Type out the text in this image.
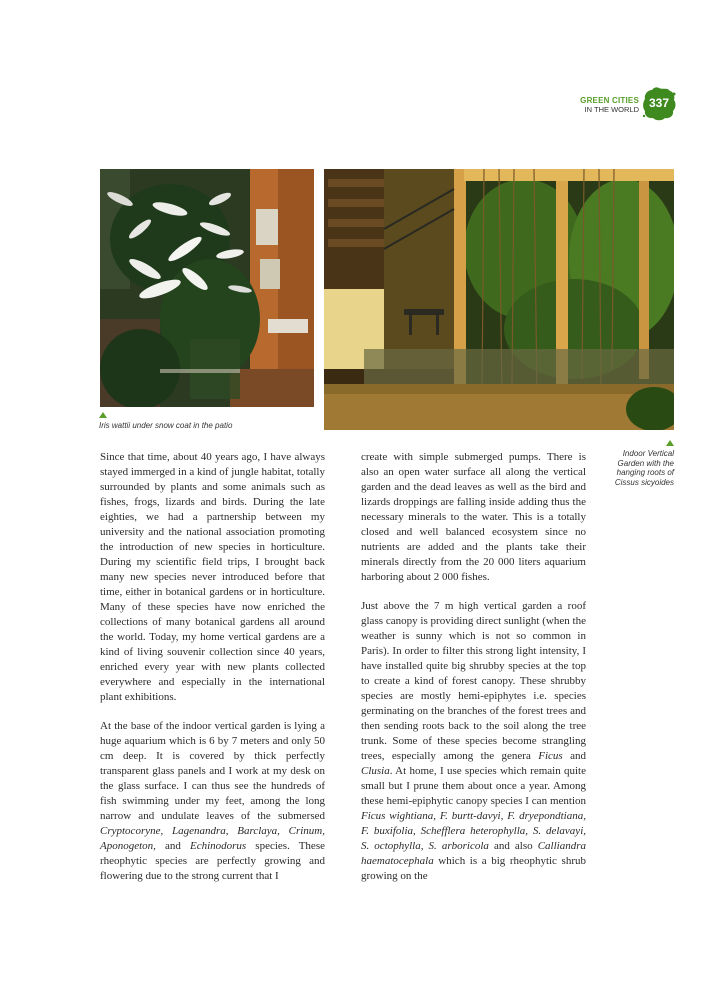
GREEN CITIES
IN THE WORLD 337
Iris wattii under snow coat in the patio
Indoor Vertical
Garden with the
hanging roots of
Cissus sicyoides

Since that time, about 40 years ago, I have always stayed immerged in a kind of jungle habitat, totally surrounded by plants and some animals such as fishes, frogs, lizards and birds. During the late eighties, we had a partnership between my university and the national association promoting the introduction of new species in horticulture. During my scientific field trips, I brought back many new species never introduced before that time, either in botanical gardens or in horticulture. Many of these species have now enriched the collections of many botanical gardens all around the world. Today, my home vertical gardens are a kind of living souvenir collection since 40 years, enriched every year with new plants collected everywhere and especially in the international plant exhibitions.

At the base of the indoor vertical garden is lying a huge aquarium which is 6 by 7 meters and only 50 cm deep. It is covered by thick perfectly transparent glass panels and I work at my desk on the glass surface. I can thus see the hundreds of fish swimming under my feet, among the long narrow and undulate leaves of the submersed Cryptocoryne, Lagenandra, Barclaya, Crinum, Aponogeton, and Echinodorus species. These rheophytic species are perfectly growing and flowering due to the strong current that I

create with simple submerged pumps. There is also an open water surface all along the vertical garden and the dead leaves as well as the bird and lizards droppings are falling inside adding thus the necessary minerals to the water. This is a totally closed and well balanced ecosystem since no nutrients are added and the plants take their minerals directly from the 20 000 liters aquarium harboring about 2 000 fishes.

Just above the 7 m high vertical garden a roof glass canopy is providing direct sunlight (when the weather is sunny which is not so common in Paris). In order to filter this strong light intensity, I have installed quite big shrubby species at the top to create a kind of forest canopy. These shrubby species are mostly hemi-epiphytes i.e. species germinating on the branches of the forest trees and then sending roots back to the soil along the tree trunk. Some of these species become strangling trees, especially among the genera Ficus and Clusia. At home, I use species which remain quite small but I prune them about once a year. Among these hemi-epiphytic canopy species I can mention Ficus wightiana, F. burtt-davyi, F. dryepondtiana, F. buxifolia, Schefflera heterophylla, S. delavayi, S. octophylla, S. arboricola and also Calliandra haematocephala which is a big rheophytic shrub growing on the
